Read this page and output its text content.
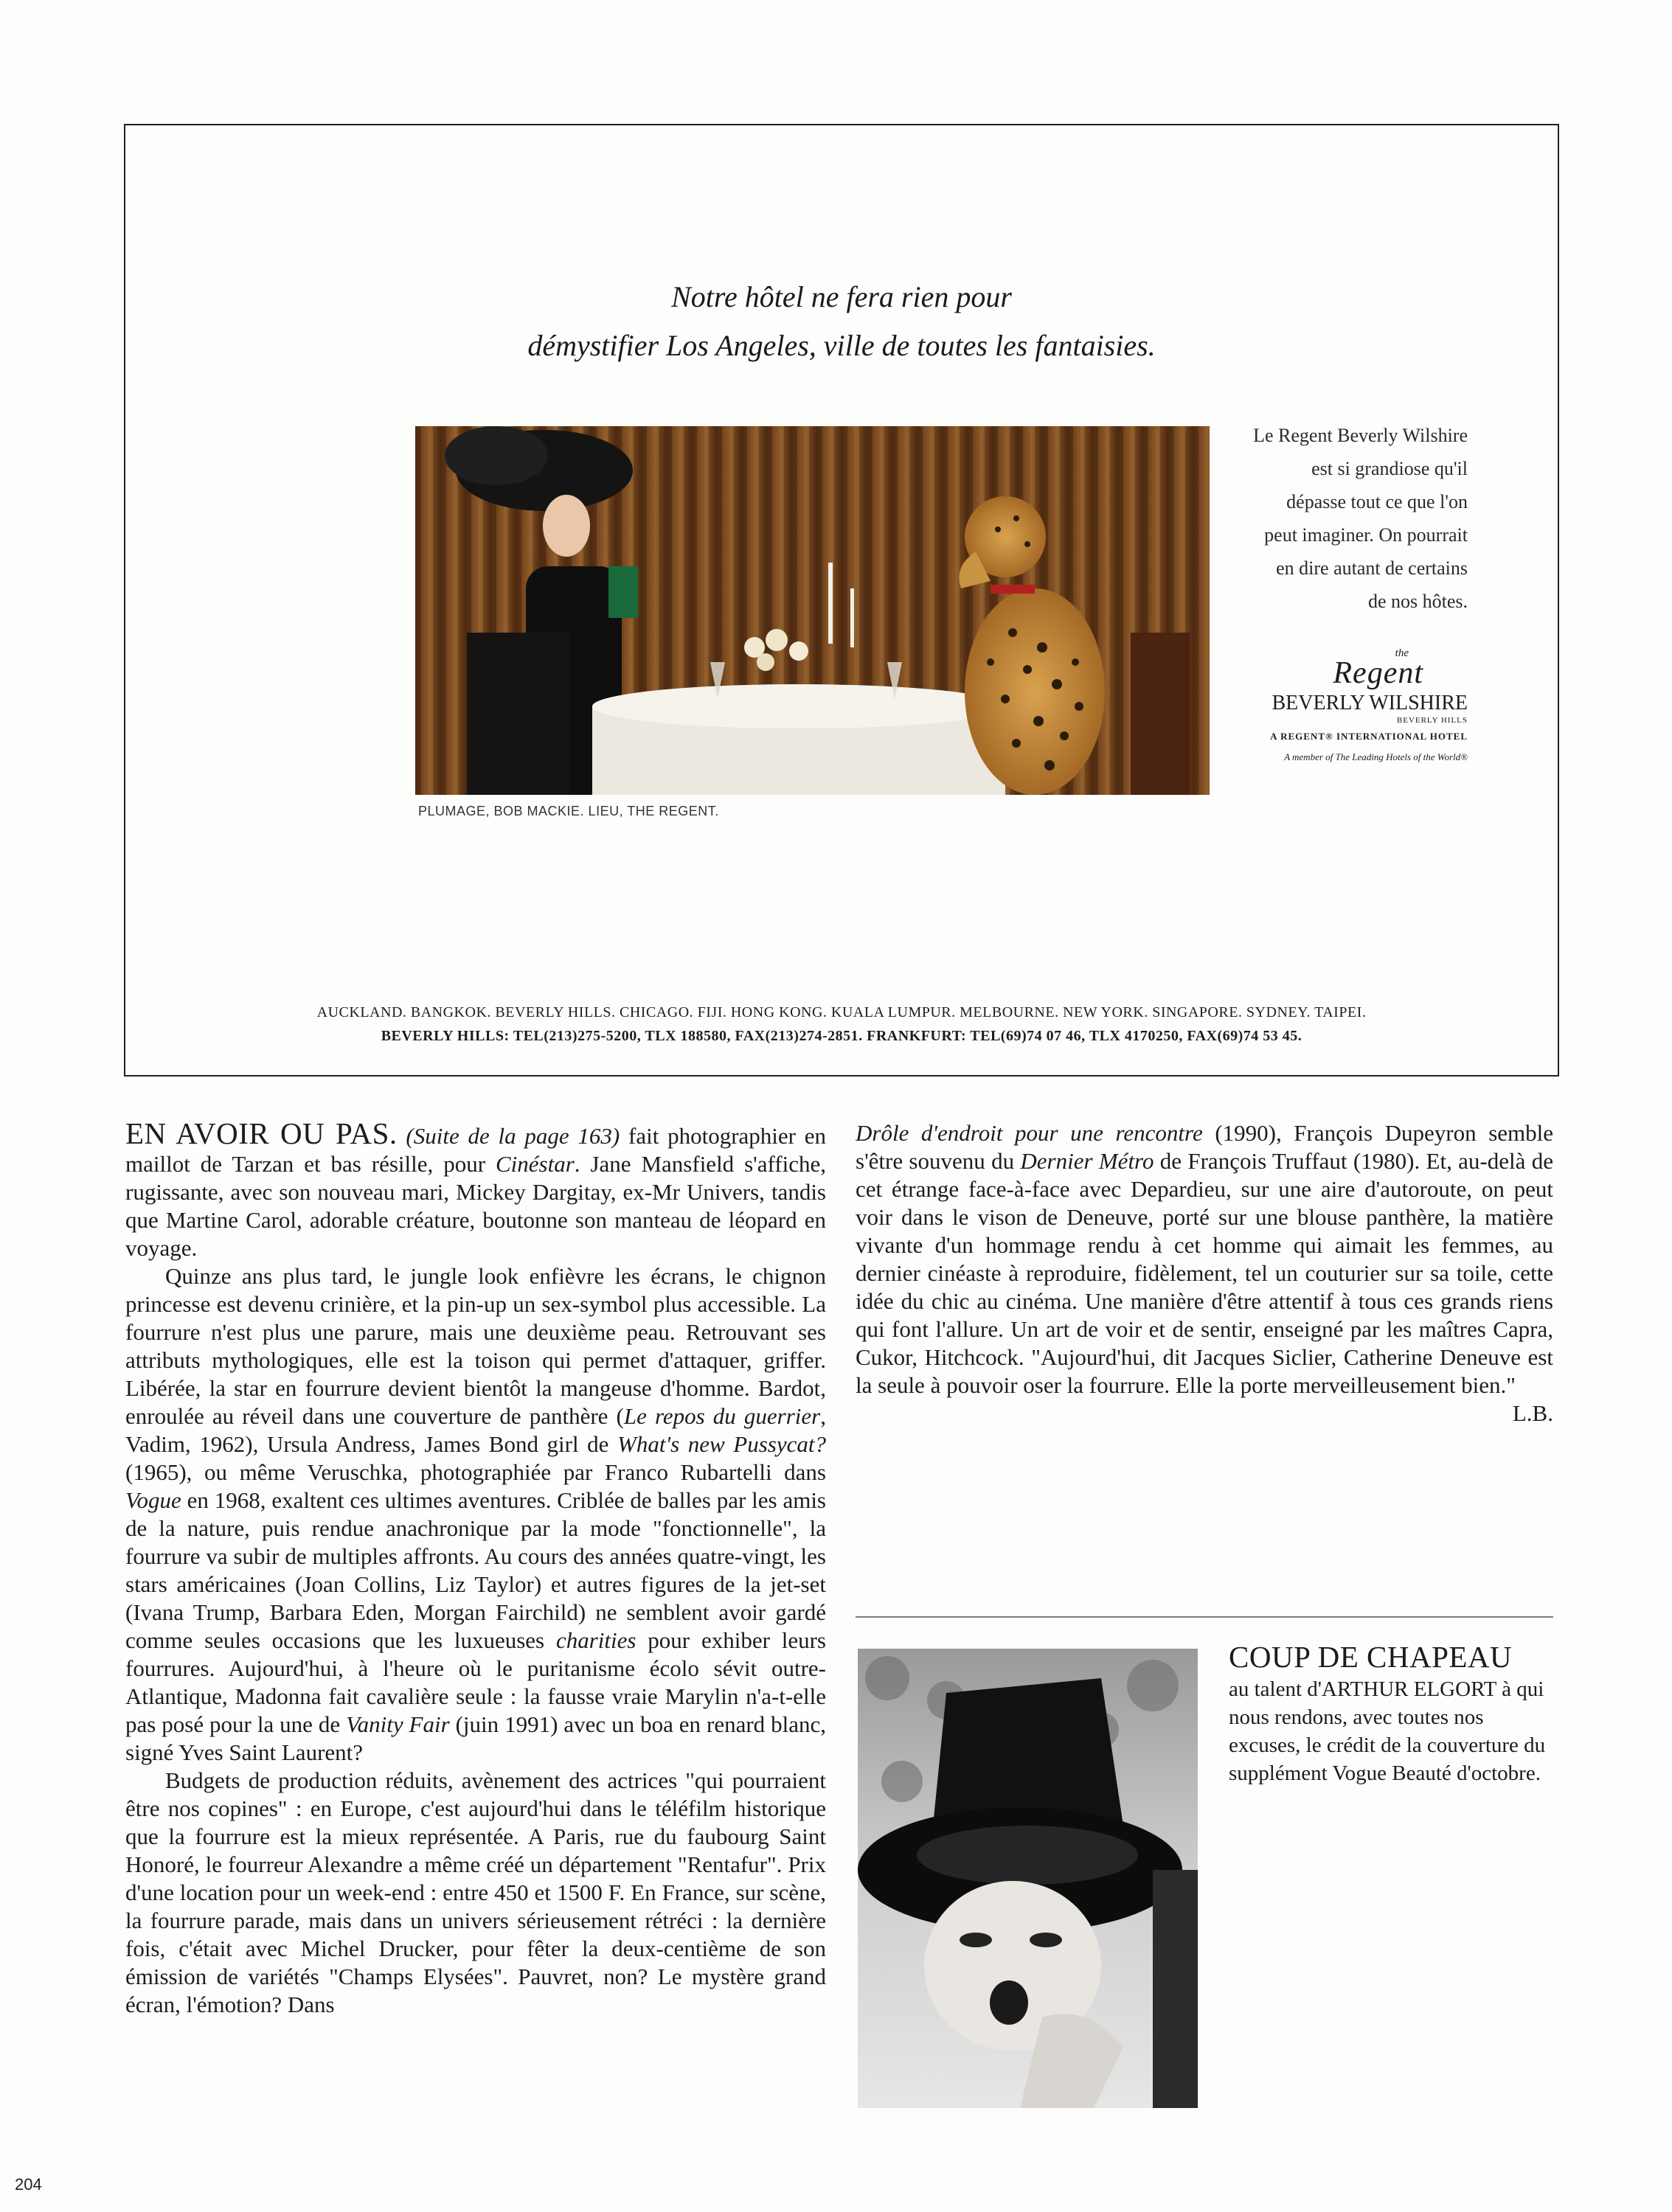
Notre hôtel ne fera rien pour
démystifier Los Angeles, ville de toutes les fantaisies.
PLUMAGE, BOB MACKIE. LIEU, THE REGENT.
Le Regent Beverly Wilshire
est si grandiose qu'il
dépasse tout ce que l'on
peut imaginer. On pourrait
en dire autant de certains
de nos hôtes.
the
Regent
BEVERLY WILSHIRE
BEVERLY HILLS
A REGENT® INTERNATIONAL HOTEL
A member of The Leading Hotels of the World®
AUCKLAND. BANGKOK. BEVERLY HILLS. CHICAGO. FIJI. HONG KONG. KUALA LUMPUR. MELBOURNE. NEW YORK. SINGAPORE. SYDNEY. TAIPEI.
BEVERLY HILLS: TEL(213)275-5200, TLX 188580, FAX(213)274-2851. FRANKFURT: TEL(69)74 07 46, TLX 4170250, FAX(69)74 53 45.

EN AVOIR OU PAS. (Suite de la page 163) fait photographier en maillot de Tarzan et bas résille, pour Cinéstar. Jane Mansfield s'affiche, rugissante, avec son nouveau mari, Mickey Dargitay, ex-Mr Univers, tandis que Martine Carol, adorable créature, boutonne son manteau de léopard en voyage.

Quinze ans plus tard, le jungle look enfièvre les écrans, le chignon princesse est devenu crinière, et la pin-up un sex-symbol plus accessible. La fourrure n'est plus une parure, mais une deuxième peau. Retrouvant ses attributs mythologiques, elle est la toison qui permet d'attaquer, griffer. Libérée, la star en fourrure devient bientôt la mangeuse d'homme. Bardot, enroulée au réveil dans une couverture de panthère (Le repos du guerrier, Vadim, 1962), Ursula Andress, James Bond girl de What's new Pussycat? (1965), ou même Veruschka, photographiée par Franco Rubartelli dans Vogue en 1968, exaltent ces ultimes aventures. Criblée de balles par les amis de la nature, puis rendue anachronique par la mode "fonctionnelle", la fourrure va subir de multiples affronts. Au cours des années quatre-vingt, les stars américaines (Joan Collins, Liz Taylor) et autres figures de la jet-set (Ivana Trump, Barbara Eden, Morgan Fairchild) ne semblent avoir gardé comme seules occasions que les luxueuses charities pour exhiber leurs fourrures. Aujourd'hui, à l'heure où le puritanisme écolo sévit outre-Atlantique, Madonna fait cavalière seule : la fausse vraie Marylin n'a-t-elle pas posé pour la une de Vanity Fair (juin 1991) avec un boa en renard blanc, signé Yves Saint Laurent?

Budgets de production réduits, avènement des actrices "qui pourraient être nos copines" : en Europe, c'est aujourd'hui dans le téléfilm historique que la fourrure est la mieux représentée. A Paris, rue du faubourg Saint Honoré, le fourreur Alexandre a même créé un département "Rentafur". Prix d'une location pour un week-end : entre 450 et 1500 F. En France, sur scène, la fourrure parade, mais dans un univers sérieusement rétréci : la dernière fois, c'était avec Michel Drucker, pour fêter la deux-centième de son émission de variétés "Champs Elysées". Pauvret, non? Le mystère grand écran, l'émotion? Dans

Drôle d'endroit pour une rencontre (1990), François Dupeyron semble s'être souvenu du Dernier Métro de François Truffaut (1980). Et, au-delà de cet étrange face-à-face avec Depardieu, sur une aire d'autoroute, on peut voir dans le vison de Deneuve, porté sur une blouse panthère, la matière vivante d'un hommage rendu à cet homme qui aimait les femmes, au dernier cinéaste à reproduire, fidèlement, tel un couturier sur sa toile, cette idée du chic au cinéma. Une manière d'être attentif à tous ces grands riens qui font l'allure. Un art de voir et de sentir, enseigné par les maîtres Capra, Cukor, Hitchcock. "Aujourd'hui, dit Jacques Siclier, Catherine Deneuve est la seule à pouvoir oser la fourrure. Elle la porte merveilleusement bien."
L.B.

COUP DE CHAPEAU
au talent d'ARTHUR ELGORT à qui nous rendons, avec toutes nos excuses, le crédit de la couverture du supplément Vogue Beauté d'octobre.
204
